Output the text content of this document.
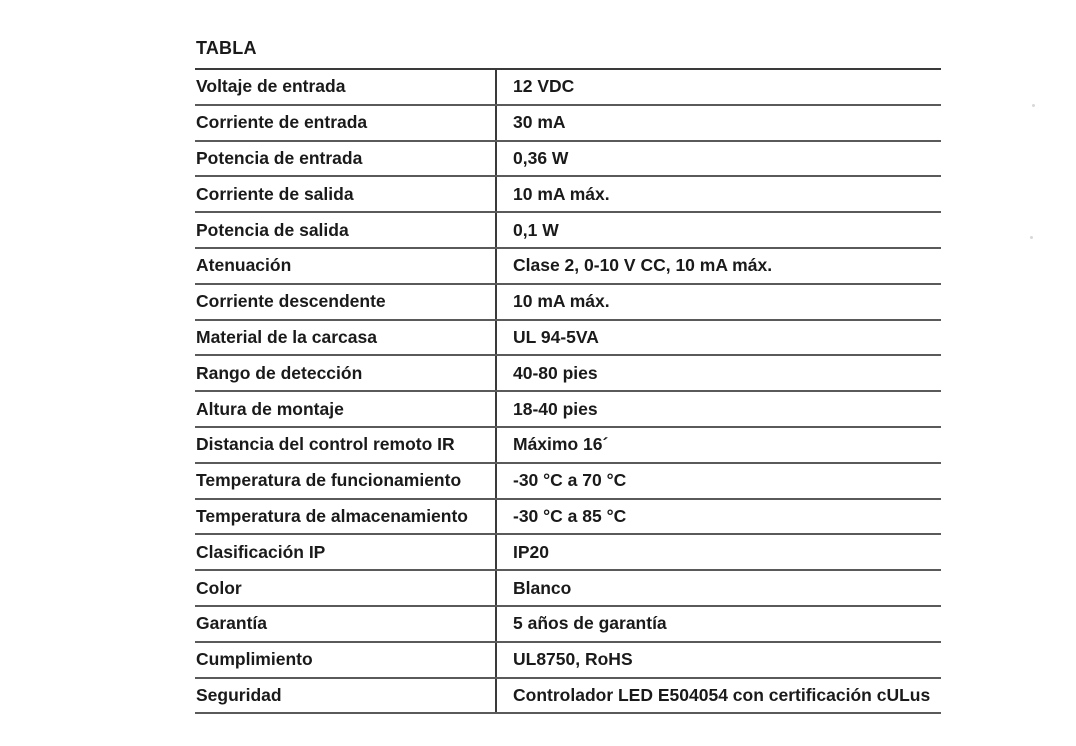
TABLA
Voltaje de entrada	12 VDC
Corriente de entrada	30 mA
Potencia de entrada	0,36 W
Corriente de salida	10 mA máx.
Potencia de salida	0,1 W
Atenuación	Clase 2, 0-10 V CC, 10 mA máx.
Corriente descendente	10 mA máx.
Material de la carcasa	UL 94-5VA
Rango de detección	40-80 pies
Altura de montaje	18-40 pies
Distancia del control remoto IR	Máximo 16´
Temperatura de funcionamiento	-30 °C a 70 °C
Temperatura de almacenamiento	-30 °C a 85 °C
Clasificación IP	IP20
Color	Blanco
Garantía	5 años de garantía
Cumplimiento	UL8750, RoHS
Seguridad	Controlador LED E504054 con certificación cULus
